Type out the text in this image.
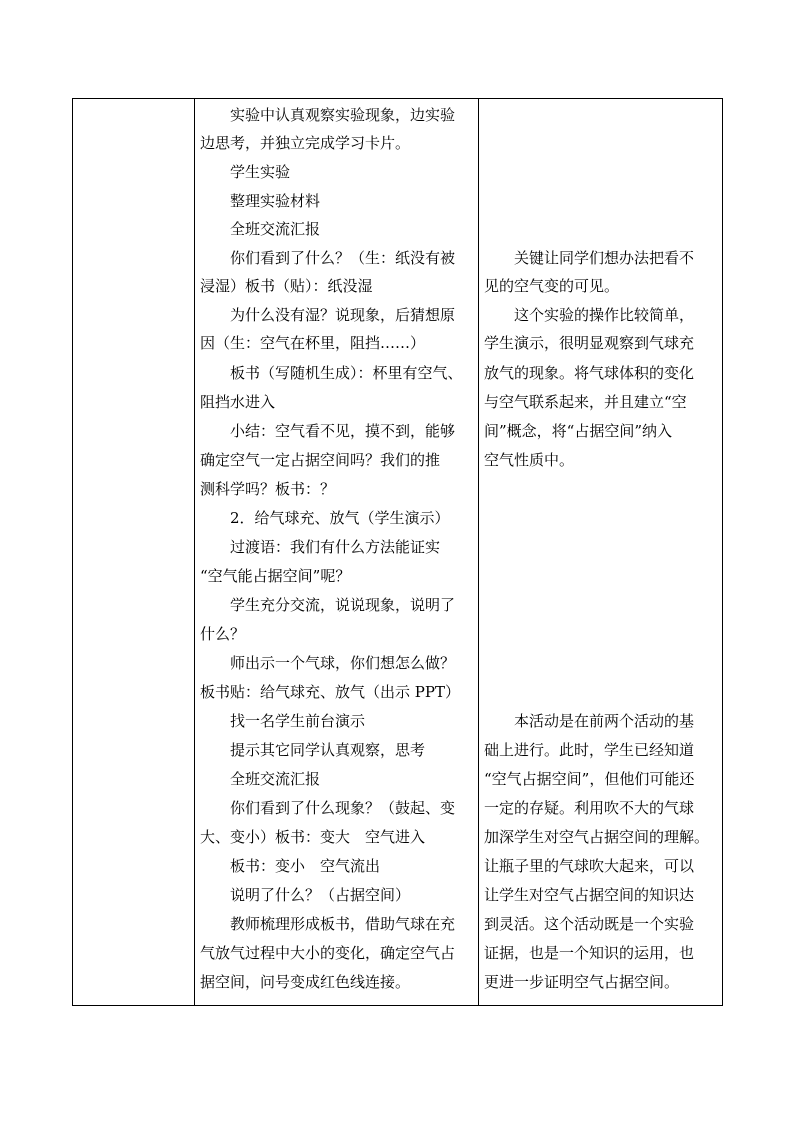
实验中认真观察实验现象，边实验
边思考，并独立完成学习卡片。
学生实验
整理实验材料
全班交流汇报
你们看到了什么？（生：纸没有被
浸湿）板书（贴）：纸没湿
为什么没有湿？说现象，后猜想原
因（生：空气在杯里，阻挡……）
板书（写随机生成）：杯里有空气、
阻挡水进入
小结：空气看不见，摸不到，能够
确定空气一定占据空间吗？我们的推
测科学吗？板书：？
2．给气球充、放气（学生演示）
过渡语：我们有什么方法能证实
“空气能占据空间”呢？
学生充分交流，说说现象，说明了
什么？
师出示一个气球，你们想怎么做？
板书贴：给气球充、放气（出示 PPT）
找一名学生前台演示
提示其它同学认真观察，思考
全班交流汇报
你们看到了什么现象？（鼓起、变
大、变小）板书：变大　空气进入
板书：变小　空气流出
说明了什么？（占据空间）
教师梳理形成板书，借助气球在充
气放气过程中大小的变化，确定空气占
据空间，问号变成红色线连接。
关键让同学们想办法把看不
见的空气变的可见。
这个实验的操作比较简单，
学生演示，很明显观察到气球充
放气的现象。将气球体积的变化
与空气联系起来，并且建立“空
间”概念，将“占据空间”纳入
空气性质中。
本活动是在前两个活动的基
础上进行。此时，学生已经知道
“空气占据空间”，但他们可能还
一定的存疑。利用吹不大的气球
加深学生对空气占据空间的理解。
让瓶子里的气球吹大起来，可以
让学生对空气占据空间的知识达
到灵活。这个活动既是一个实验
证据，也是一个知识的运用，也
更进一步证明空气占据空间。
